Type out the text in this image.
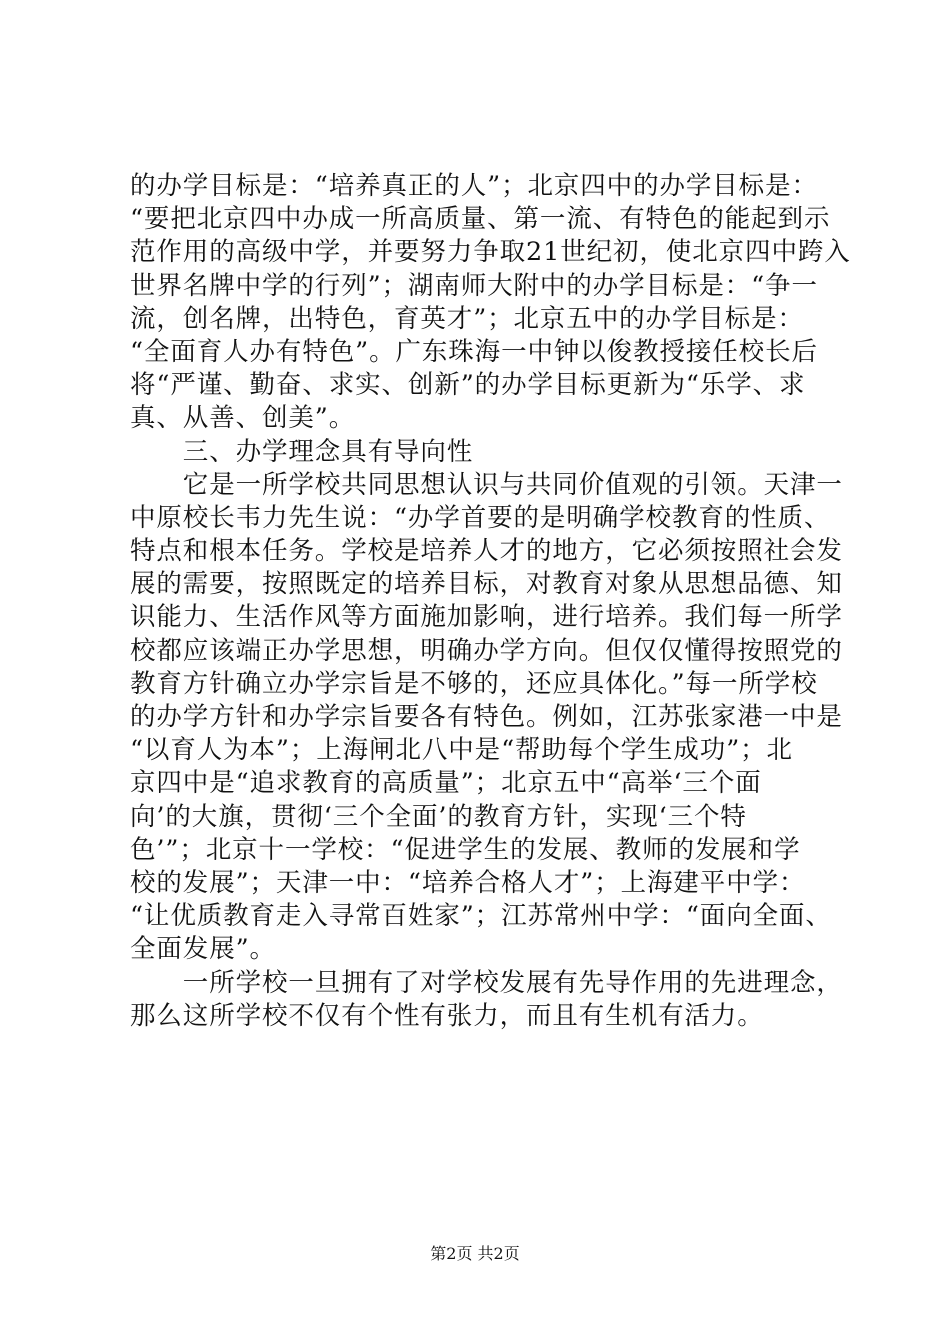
的办学目标是：“培养真正的人”；北京四中的办学目标是：
“要把北京四中办成一所高质量、第一流、有特色的能起到示
范作用的高级中学，并要努力争取21世纪初，使北京四中跨入
世界名牌中学的行列”；湖南师大附中的办学目标是：“争一
流，创名牌，出特色，育英才”；北京五中的办学目标是：
“全面育人办有特色”。广东珠海一中钟以俊教授接任校长后
将“严谨、勤奋、求实、创新”的办学目标更新为“乐学、求
真、从善、创美”。
　　三、办学理念具有导向性
　　它是一所学校共同思想认识与共同价值观的引领。天津一
中原校长韦力先生说：“办学首要的是明确学校教育的性质、
特点和根本任务。学校是培养人才的地方，它必须按照社会发
展的需要，按照既定的培养目标，对教育对象从思想品德、知
识能力、生活作风等方面施加影响，进行培养。我们每一所学
校都应该端正办学思想，明确办学方向。但仅仅懂得按照党的
教育方针确立办学宗旨是不够的，还应具体化。”每一所学校
的办学方针和办学宗旨要各有特色。例如，江苏张家港一中是
“以育人为本”；上海闸北八中是“帮助每个学生成功”；北
京四中是“追求教育的高质量”；北京五中“高举‘三个面
向’的大旗，贯彻‘三个全面’的教育方针，实现‘三个特
色’”；北京十一学校：“促进学生的发展、教师的发展和学
校的发展”；天津一中：“培养合格人才”；上海建平中学：
“让优质教育走入寻常百姓家”；江苏常州中学：“面向全面、
全面发展”。
　　一所学校一旦拥有了对学校发展有先导作用的先进理念，
那么这所学校不仅有个性有张力，而且有生机有活力。
第2页 共2页
